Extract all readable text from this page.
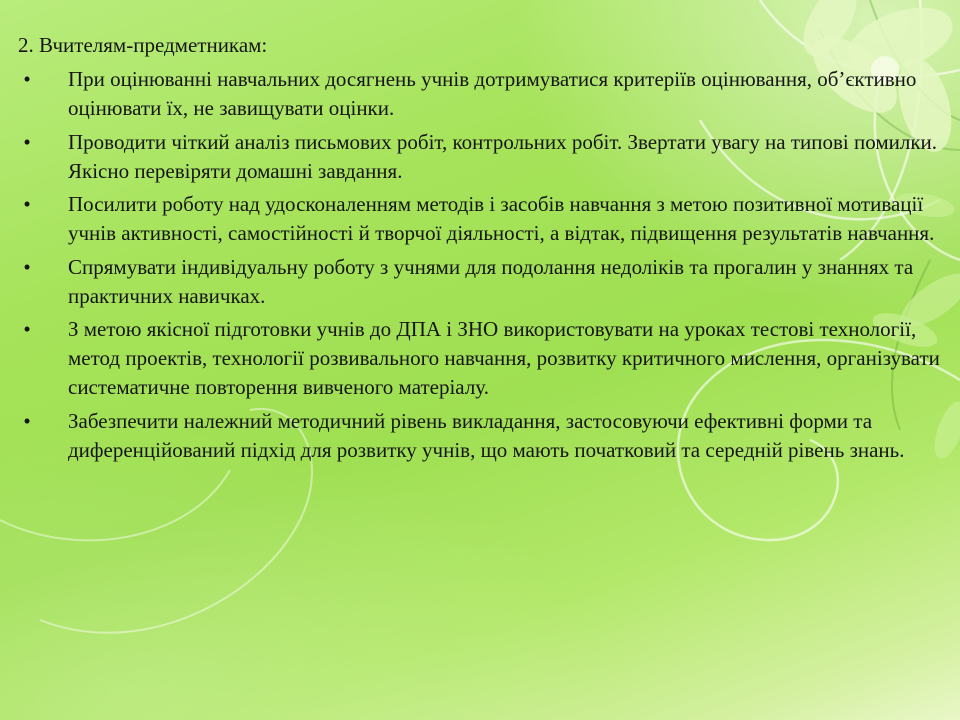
2. Вчителям-предметникам:

• При оцінюванні навчальних досягнень учнів дотримуватися критеріїв оцінювання, об’єктивно оцінювати їх, не завищувати оцінки.
• Проводити чіткий аналіз письмових робіт, контрольних робіт. Звертати увагу на типові помилки. Якісно перевіряти домашні завдання.
• Посилити роботу над удосконаленням методів і засобів навчання з метою позитивної мотивації учнів активності, самостійності й творчої діяльності, а відтак, підвищення результатів навчання.
• Спрямувати індивідуальну роботу з учнями для подолання недоліків та прогалин у знаннях та практичних навичках.
• З метою якісної підготовки учнів до ДПА і ЗНО використовувати на уроках тестові технології, метод проектів, технології розвивального навчання, розвитку критичного мислення, організувати систематичне повторення вивченого матеріалу.
• Забезпечити належний методичний рівень викладання, застосовуючи ефективні форми та диференційований підхід для розвитку учнів, що мають початковий та середній рівень знань.
